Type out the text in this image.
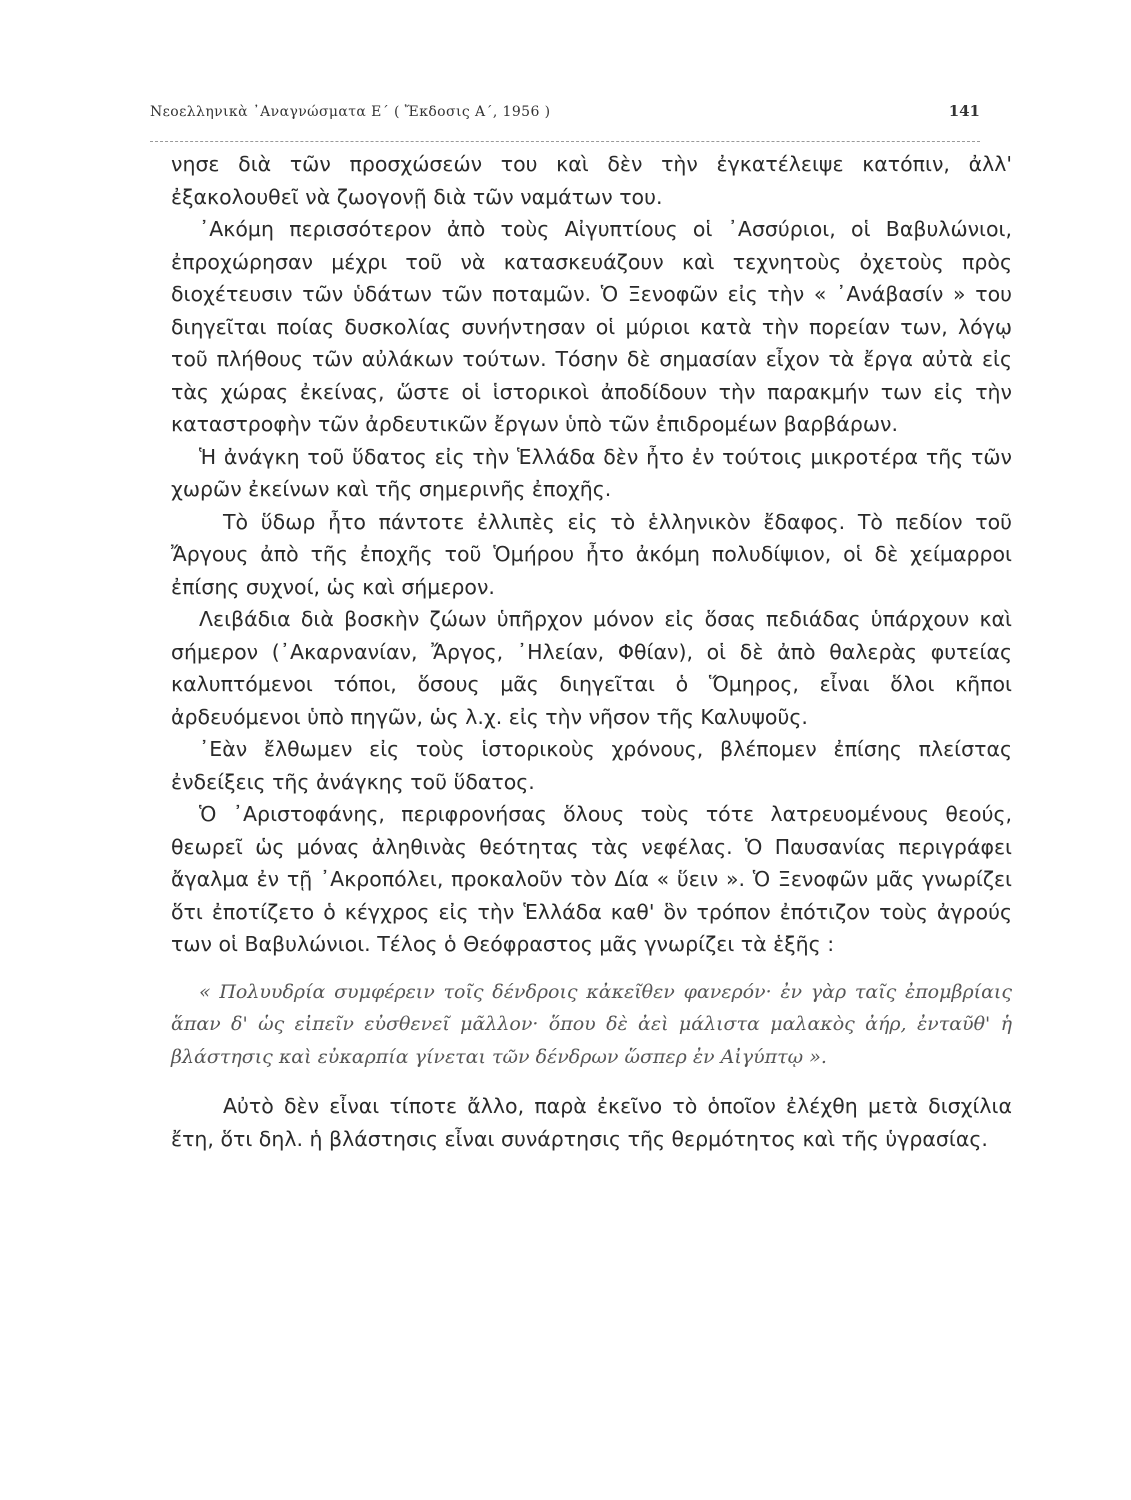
Νεοελληνικὰ ᾿Αναγνώσματα Ε΄ ( Ἔκδοσις Α΄, 1956 )	141

νησε διὰ τῶν προσχώσεών του καὶ δὲν τὴν ἐγκατέλειψε κατόπιν, ἀλλ' ἐξακολουθεῖ νὰ ζωογονῇ διὰ τῶν ναμάτων του.

᾿Ακόμη περισσότερον ἀπὸ τοὺς Αἰγυπτίους οἱ ᾿Ασσύριοι, οἱ Βαβυλώνιοι, ἐπροχώρησαν μέχρι τοῦ νὰ κατασκευάζουν καὶ τεχνητοὺς ὀχετοὺς πρὸς διοχέτευσιν τῶν ὑδάτων τῶν ποταμῶν. Ὁ Ξενοφῶν εἰς τὴν « ᾿Ανάβασίν » του διηγεῖται ποίας δυσκολίας συνήντησαν οἱ μύριοι κατὰ τὴν πορείαν των, λόγῳ τοῦ πλήθους τῶν αὐλάκων τούτων. Τόσην δὲ σημασίαν εἶχον τὰ ἔργα αὐτὰ εἰς τὰς χώρας ἐκείνας, ὥστε οἱ ἱστορικοὶ ἀποδίδουν τὴν παρακμήν των εἰς τὴν καταστροφὴν τῶν ἀρδευτικῶν ἔργων ὑπὸ τῶν ἐπιδρομέων βαρβάρων.

Ἡ ἀνάγκη τοῦ ὕδατος εἰς τὴν Ἑλλάδα δὲν ἦτο ἐν τούτοις μικροτέρα τῆς τῶν χωρῶν ἐκείνων καὶ τῆς σημερινῆς ἐποχῆς.

Τὸ ὕδωρ ἦτο πάντοτε ἐλλιπὲς εἰς τὸ ἑλληνικὸν ἔδαφος. Τὸ πεδίον τοῦ Ἄργους ἀπὸ τῆς ἐποχῆς τοῦ Ὁμήρου ἦτο ἀκόμη πολυδίψιον, οἱ δὲ χείμαρροι ἐπίσης συχνοί, ὡς καὶ σήμερον.

Λειβάδια διὰ βοσκὴν ζώων ὑπῆρχον μόνον εἰς ὅσας πεδιάδας ὑπάρχουν καὶ σήμερον (᾿Ακαρνανίαν, Ἄργος, ᾿Ηλείαν, Φθίαν), οἱ δὲ ἀπὸ θαλερὰς φυτείας καλυπτόμενοι τόποι, ὅσους μᾶς διηγεῖται ὁ Ὅμηρος, εἶναι ὅλοι κῆποι ἀρδευόμενοι ὑπὸ πηγῶν, ὡς λ.χ. εἰς τὴν νῆσον τῆς Καλυψοῦς.

᾿Εὰν ἔλθωμεν εἰς τοὺς ἱστορικοὺς χρόνους, βλέπομεν ἐπίσης πλείστας ἐνδείξεις τῆς ἀνάγκης τοῦ ὕδατος.

Ὁ ᾿Αριστοφάνης, περιφρονήσας ὅλους τοὺς τότε λατρευομένους θεούς, θεωρεῖ ὡς μόνας ἀληθινὰς θεότητας τὰς νεφέλας. Ὁ Παυσανίας περιγράφει ἄγαλμα ἐν τῇ ᾿Ακροπόλει, προκαλοῦν τὸν Δία « ὕειν ». Ὁ Ξενοφῶν μᾶς γνωρίζει ὅτι ἐποτίζετο ὁ κέγχρος εἰς τὴν Ἑλλάδα καθ' ὃν τρόπον ἐπότιζον τοὺς ἀγρούς των οἱ Βαβυλώνιοι. Τέλος ὁ Θεόφραστος μᾶς γνωρίζει τὰ ἑξῆς :

« Πολυυδρία συμφέρειν τοῖς δένδροις κἀκεῖθεν φανερόν· ἐν γὰρ ταῖς ἐπομβρίαις ἅπαν δ' ὡς εἰπεῖν εὐσθενεῖ μᾶλλον· ὅπου δὲ ἀεὶ μάλιστα μαλακὸς ἀήρ, ἐνταῦθ' ἡ βλάστησις καὶ εὐκαρπία γίνεται τῶν δένδρων ὥσπερ ἐν Αἰγύπτῳ ».

Αὐτὸ δὲν εἶναι τίποτε ἄλλο, παρὰ ἐκεῖνο τὸ ὁποῖον ἐλέχθη μετὰ δισχίλια ἔτη, ὅτι δηλ. ἡ βλάστησις εἶναι συνάρτησις τῆς θερμότητος καὶ τῆς ὑγρασίας.
